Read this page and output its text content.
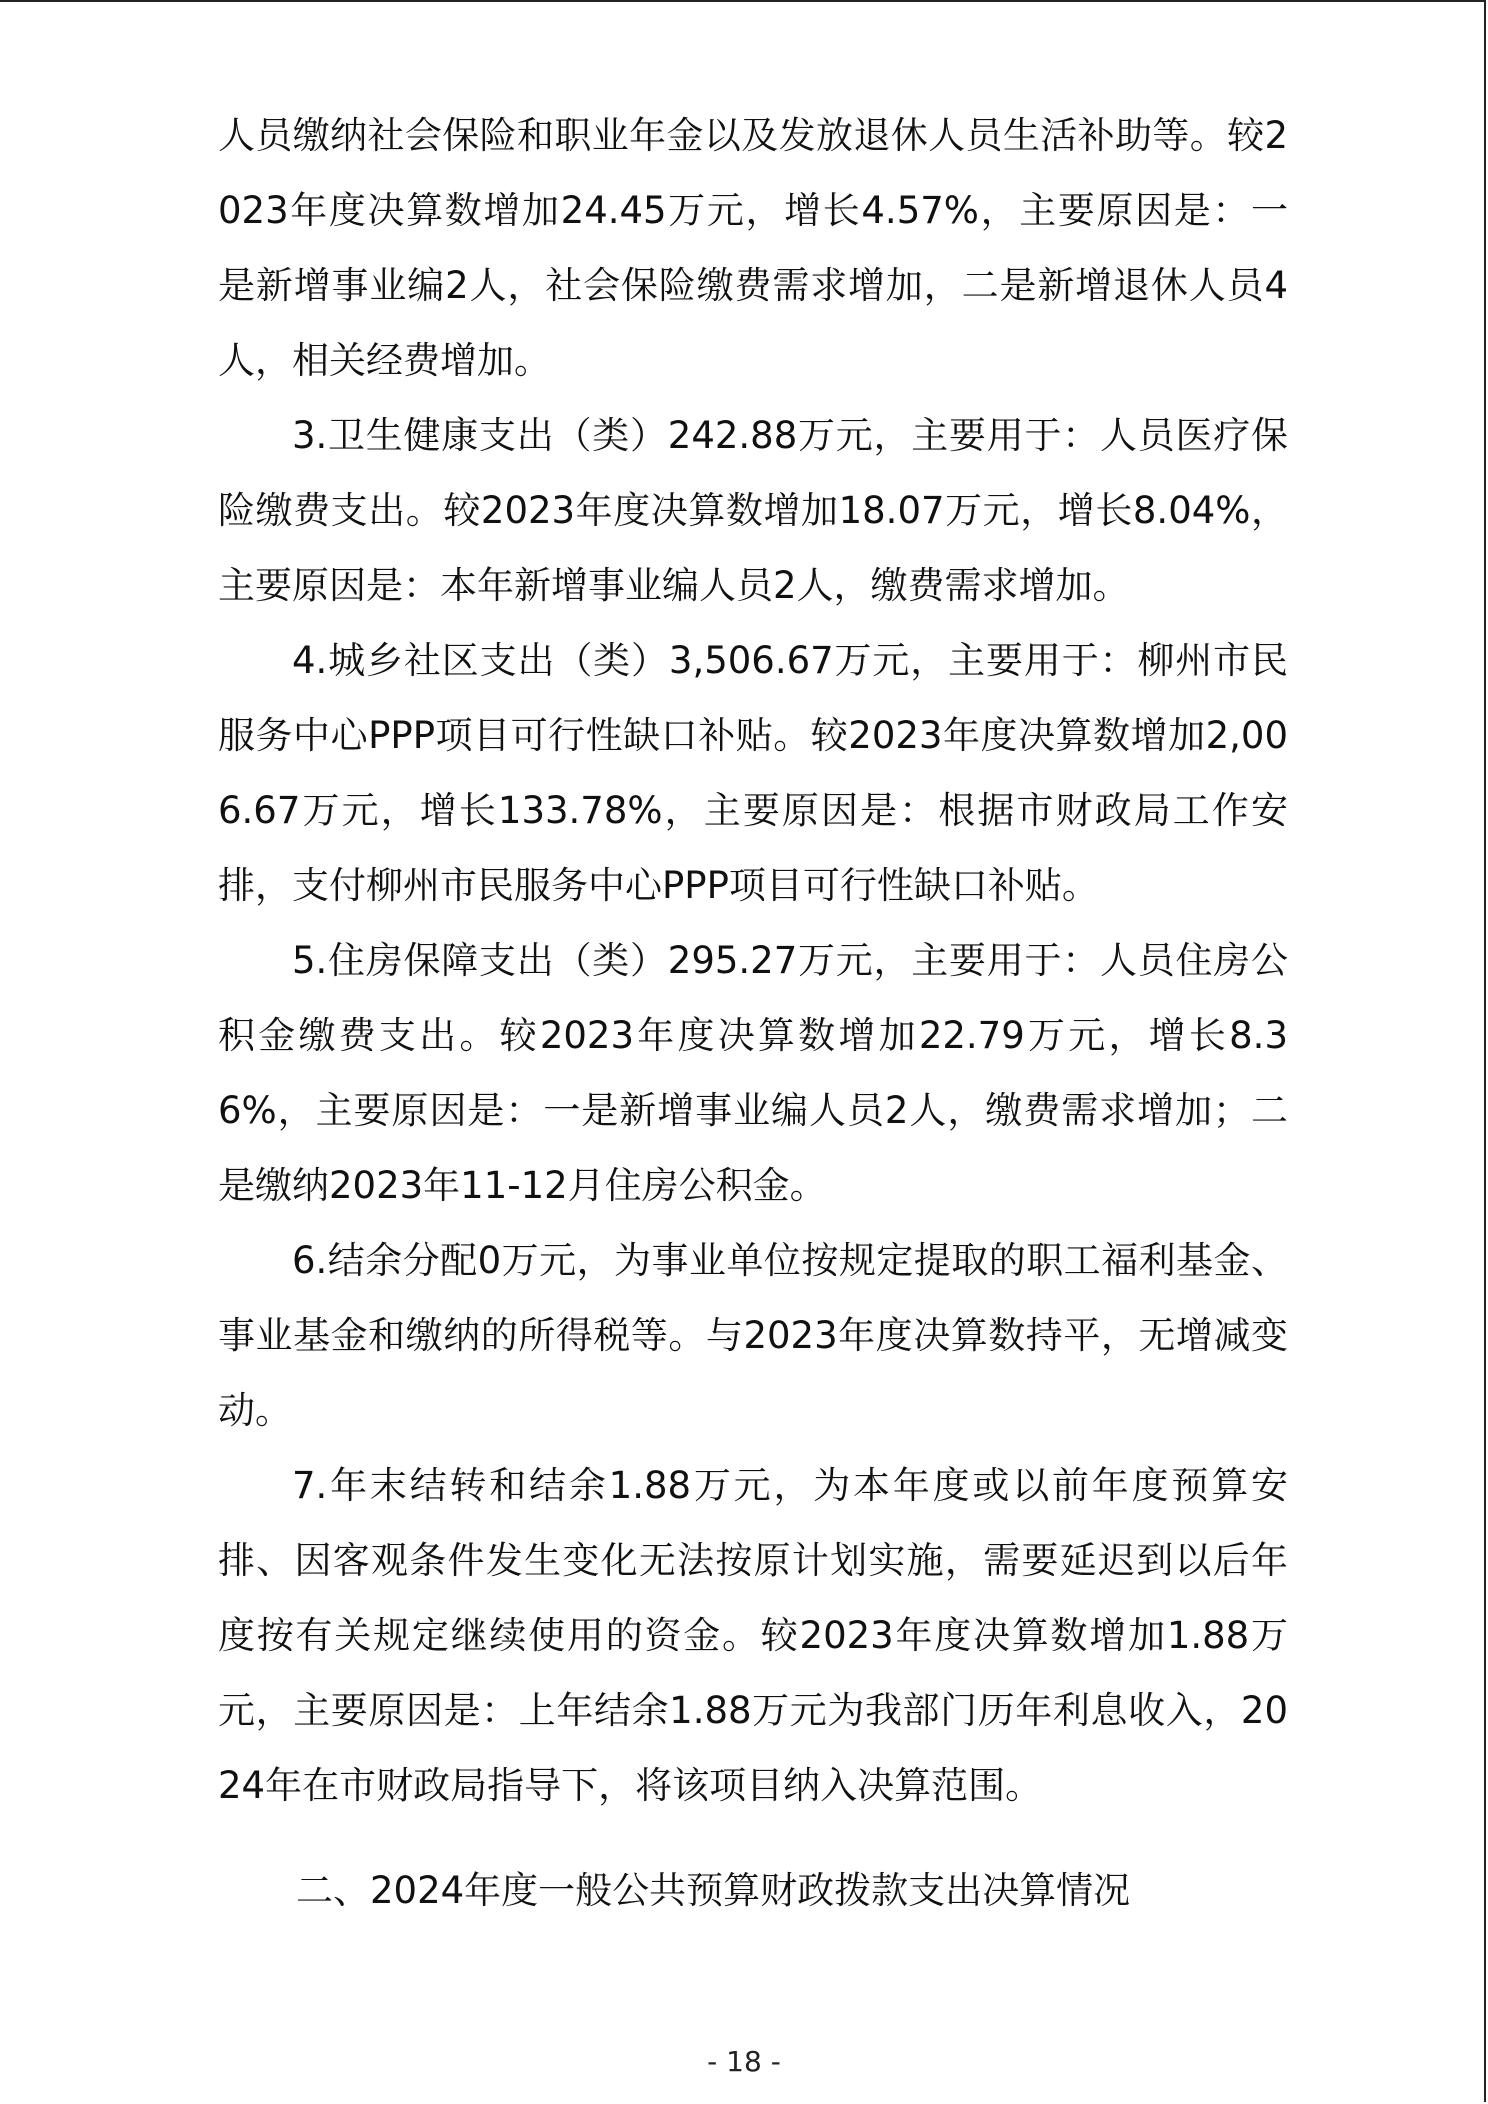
人员缴纳社会保险和职业年金以及发放退休人员生活补助等。较2023年度决算数增加24.45万元，增长4.57%，主要原因是：一是新增事业编2人，社会保险缴费需求增加，二是新增退休人员4人，相关经费增加。

3.卫生健康支出（类）242.88万元，主要用于：人员医疗保险缴费支出。较2023年度决算数增加18.07万元，增长8.04%，主要原因是：本年新增事业编人员2人，缴费需求增加。

4.城乡社区支出（类）3,506.67万元，主要用于：柳州市民服务中心PPP项目可行性缺口补贴。较2023年度决算数增加2,006.67万元，增长133.78%，主要原因是：根据市财政局工作安排，支付柳州市民服务中心PPP项目可行性缺口补贴。

5.住房保障支出（类）295.27万元，主要用于：人员住房公积金缴费支出。较2023年度决算数增加22.79万元，增长8.36%，主要原因是：一是新增事业编人员2人，缴费需求增加；二是缴纳2023年11-12月住房公积金。

6.结余分配0万元，为事业单位按规定提取的职工福利基金、事业基金和缴纳的所得税等。与2023年度决算数持平，无增减变动。

7.年末结转和结余1.88万元，为本年度或以前年度预算安排、因客观条件发生变化无法按原计划实施，需要延迟到以后年度按有关规定继续使用的资金。较2023年度决算数增加1.88万元，主要原因是：上年结余1.88万元为我部门历年利息收入，2024年在市财政局指导下，将该项目纳入决算范围。

二、2024年度一般公共预算财政拨款支出决算情况
- 18 -
